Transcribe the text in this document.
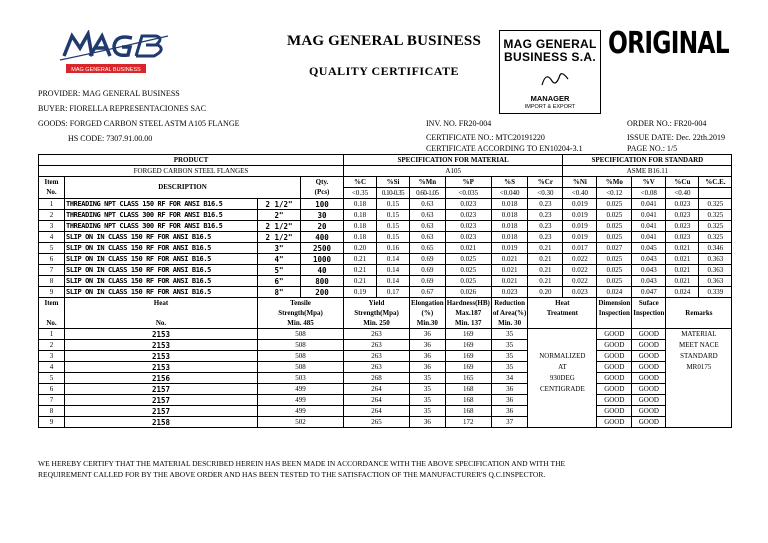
MAG GENERAL BUSINESS
MAG GENERAL BUSINESS
QUALITY CERTIFICATE
MAG GENERAL BUSINESS S.A.
MANAGER
IMPORT & EXPORT
ORIGINAL
PROVIDER: MAG GENERAL BUSINESS
BUYER: FIORELLA REPRESENTACIONES SAC
GOODS: FORGED CARBON STEEL ASTM A105 FLANGE
HS CODE: 7307.91.00.00
INV. NO. FR20-004
CERTIFICATE NO.: MTC20191220
CERTIFICATE ACCORDING TO EN10204-3.1
ORDER NO.: FR20-004
ISSUE DATE: Dec. 22th.2019
PAGE NO.: 1/5
PRODUCT				SPECIFICATION FOR MATERIAL						SPECIFICATION FOR STANDARD				
FORGED CARBON STEEL FLANGES				A105						ASME B16.11				
Item	DESCRIPTION		Qty.	%C	%Si	%Mn	%P	%S	%Cr	%Ni	%Mo	%V	%Cu	%C.E.
No.			(Pcs)	<0.35	0.10-0.35	0.60-1.05	<0.035	<0.040	<0.30	<0.40	<0.12	<0.08	<0.40	
1	THREADING NPT CLASS 150 RF FOR ANSI B16.5	2 1/2"	100	0.18	0.15	0.63	0.023	0.018	0.23	0.019	0.025	0.041	0.023	0.325
2	THREADING NPT CLASS 300 RF FOR ANSI B16.5	2"	30	0.18	0.15	0.63	0.023	0.018	0.23	0.019	0.025	0.041	0.023	0.325
3	THREADING NPT CLASS 300 RF FOR ANSI B16.5	2 1/2"	20	0.18	0.15	0.63	0.023	0.018	0.23	0.019	0.025	0.041	0.023	0.325
4	SLIP ON IN CLASS 150 RF FOR ANSI B16.5	2 1/2"	400	0.18	0.15	0.63	0.023	0.018	0.23	0.019	0.025	0.041	0.023	0.325
5	SLIP ON IN CLASS 150 RF FOR ANSI B16.5	3"	2500	0.20	0.16	0.65	0.021	0.019	0.21	0.017	0.027	0.045	0.021	0.346
6	SLIP ON IN CLASS 150 RF FOR ANSI B16.5	4"	1000	0.21	0.14	0.69	0.025	0.021	0.21	0.022	0.025	0.043	0.021	0.363
7	SLIP ON IN CLASS 150 RF FOR ANSI B16.5	5"	40	0.21	0.14	0.69	0.025	0.021	0.21	0.022	0.025	0.043	0.021	0.363
8	SLIP ON IN CLASS 150 RF FOR ANSI B16.5	6"	800	0.21	0.14	0.69	0.025	0.021	0.21	0.022	0.025	0.043	0.021	0.363
9	SLIP ON IN CLASS 150 RF FOR ANSI B16.5	8"	200	0.19	0.17	0.67	0.026	0.023	0.20	0.023	0.024	0.047	0.024	0.339
Item	Heat	Tensile		Yield		Elongation	Hardness(HB)	Reduction	Heat		Dimension	Suface		
		Strength(Mpa)		Strength(Mpa)		(%)	Max.187	of Area(%)	Treatment		Inspection	Inspection	Remarks	
No.	No.	Min. 485		Min. 250		Min.30	Min. 137	Min. 30						
1	2153	508		263		36	169	35			GOOD	GOOD	MATERIAL	
2	2153	508		263		36	169	35			GOOD	GOOD	MEET NACE	
3	2153	508		263		36	169	35	NORMALIZED		GOOD	GOOD	STANDARD	
4	2153	508		263		36	169	35	AT		GOOD	GOOD	MR0175	
5	2156	503		268		35	165	34	930DEG		GOOD	GOOD		
6	2157	499		264		35	168	36	CENTIGRADE		GOOD	GOOD		
7	2157	499		264		35	168	36			GOOD	GOOD		
8	2157	499		264		35	168	36			GOOD	GOOD		
9	2158	502		265		36	172	37			GOOD	GOOD		
WE HEREBY CERTIFY THAT THE MATERIAL DESCRIBED HEREIN HAS BEEN MADE IN ACCORDANCE WITH THE ABOVE SPECIFICATION AND WITH THE
REQUIREMENT CALLED FOR BY THE ABOVE ORDER AND HAS BEEN TESTED TO THE SATISFACTION OF THE MANUFACTURER'S Q.C.INSPECTOR.
